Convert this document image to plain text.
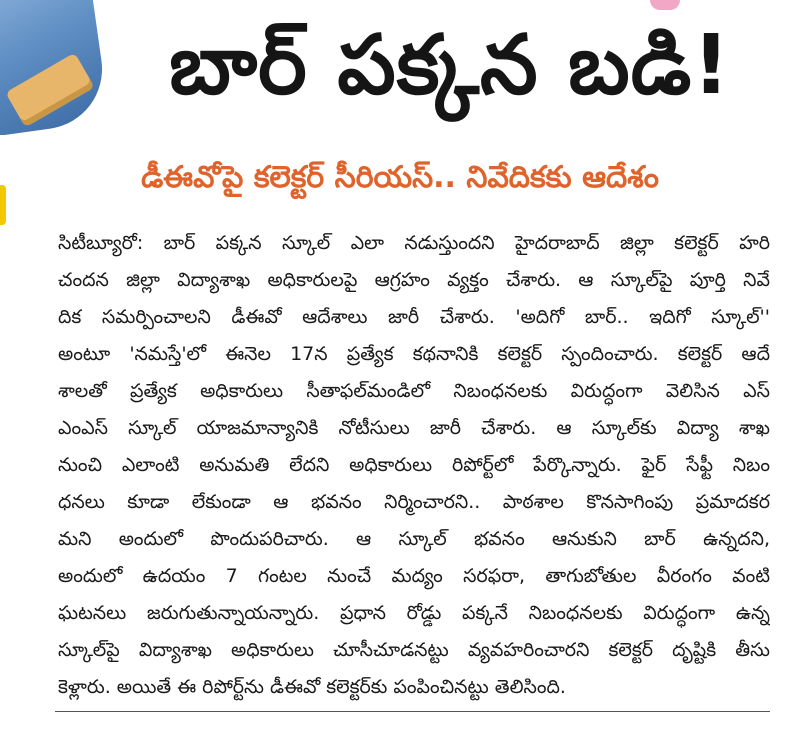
బార్ పక్కన బడి!
డీఈవోపై కలెక్టర్ సీరియస్.. నివేదికకు ఆదేశం
సిటీబ్యూరో: బార్ పక్కన స్కూల్ ఎలా నడుస్తుందని హైదరాబాద్ జిల్లా కలెక్టర్ హరి
చందన జిల్లా విద్యాశాఖ అధికారులపై ఆగ్రహం వ్యక్తం చేశారు. ఆ స్కూల్‌పై పూర్తి నివే
దిక సమర్పించాలని డీఈవో ఆదేశాలు జారీ చేశారు. 'అదిగో బార్.. ఇదిగో స్కూల్''
అంటూ 'నమస్తే'లో ఈనెల 17న ప్రత్యేక కథనానికి కలెక్టర్ స్పందించారు. కలెక్టర్ ఆదే
శాలతో ప్రత్యేక అధికారులు సీతాఫల్‌మండిలో నిబంధనలకు విరుద్ధంగా వెలిసిన ఎస్
ఎంఎస్ స్కూల్ యాజమాన్యానికి నోటీసులు జారీ చేశారు. ఆ స్కూల్‌కు విద్యా శాఖ
నుంచి ఎలాంటి అనుమతి లేదని అధికారులు రిపోర్ట్‌లో పేర్కొన్నారు. ఫైర్ సేఫ్టీ నిబం
ధనలు కూడా లేకుండా ఆ భవనం నిర్మించారని.. పాఠశాల కొనసాగింపు ప్రమాదకర
మని అందులో పొందుపరిచారు. ఆ స్కూల్ భవనం ఆనుకుని బార్ ఉన్నదని,
అందులో ఉదయం 7 గంటల నుంచే మద్యం సరఫరా, తాగుబోతుల వీరంగం వంటి
ఘటనలు జరుగుతున్నాయన్నారు. ప్రధాన రోడ్డు పక్కనే నిబంధనలకు విరుద్ధంగా ఉన్న
స్కూల్‌పై విద్యాశాఖ అధికారులు చూసీచూడనట్టు వ్యవహరించారని కలెక్టర్ దృష్టికి తీసు
కెళ్లారు. అయితే ఈ రిపోర్ట్‌ను డీఈవో కలెక్టర్‌కు పంపించినట్టు తెలిసింది.
